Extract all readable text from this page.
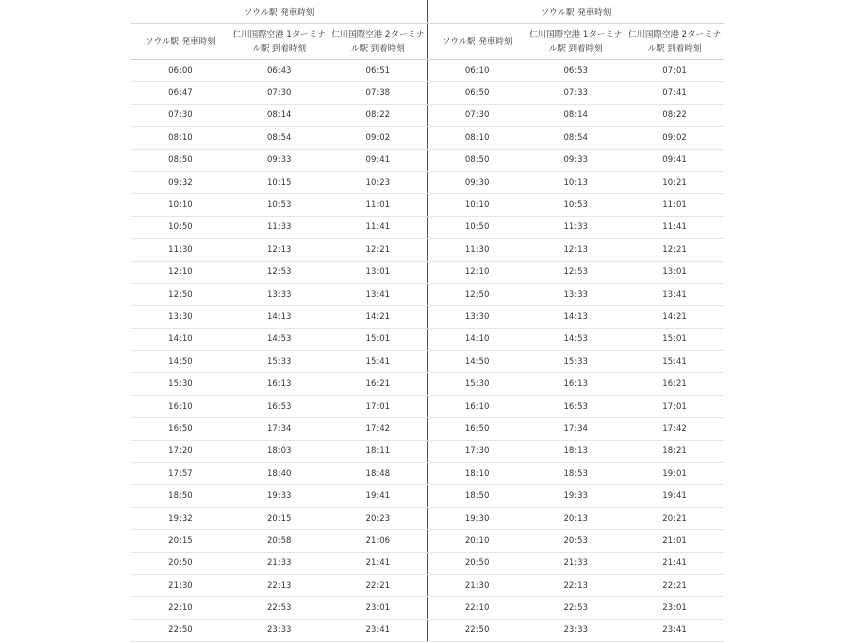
ソウル駅 発車時刻			ソウル駅 発車時刻		
ソウル駅 発車時刻	仁川国際空港 1ターミナル駅 到着時刻	仁川国際空港 2ターミナル駅 到着時刻	ソウル駅 発車時刻	仁川国際空港 1ターミナル駅 到着時刻	仁川国際空港 2ターミナル駅 到着時刻
06:00	06:43	06:51	06:10	06:53	07:01
06:47	07:30	07:38	06:50	07:33	07:41
07:30	08:14	08:22	07:30	08:14	08:22
08:10	08:54	09:02	08:10	08:54	09:02
08:50	09:33	09:41	08:50	09:33	09:41
09:32	10:15	10:23	09:30	10:13	10:21
10:10	10:53	11:01	10:10	10:53	11:01
10:50	11:33	11:41	10:50	11:33	11:41
11:30	12:13	12:21	11:30	12:13	12:21
12:10	12:53	13:01	12:10	12:53	13:01
12:50	13:33	13:41	12:50	13:33	13:41
13:30	14:13	14:21	13:30	14:13	14:21
14:10	14:53	15:01	14:10	14:53	15:01
14:50	15:33	15:41	14:50	15:33	15:41
15:30	16:13	16:21	15:30	16:13	16:21
16:10	16:53	17:01	16:10	16:53	17:01
16:50	17:34	17:42	16:50	17:34	17:42
17:20	18:03	18:11	17:30	18:13	18:21
17:57	18:40	18:48	18:10	18:53	19:01
18:50	19:33	19:41	18:50	19:33	19:41
19:32	20:15	20:23	19:30	20:13	20:21
20:15	20:58	21:06	20:10	20:53	21:01
20:50	21:33	21:41	20:50	21:33	21:41
21:30	22:13	22:21	21:30	22:13	22:21
22:10	22:53	23:01	22:10	22:53	23:01
22:50	23:33	23:41	22:50	23:33	23:41
